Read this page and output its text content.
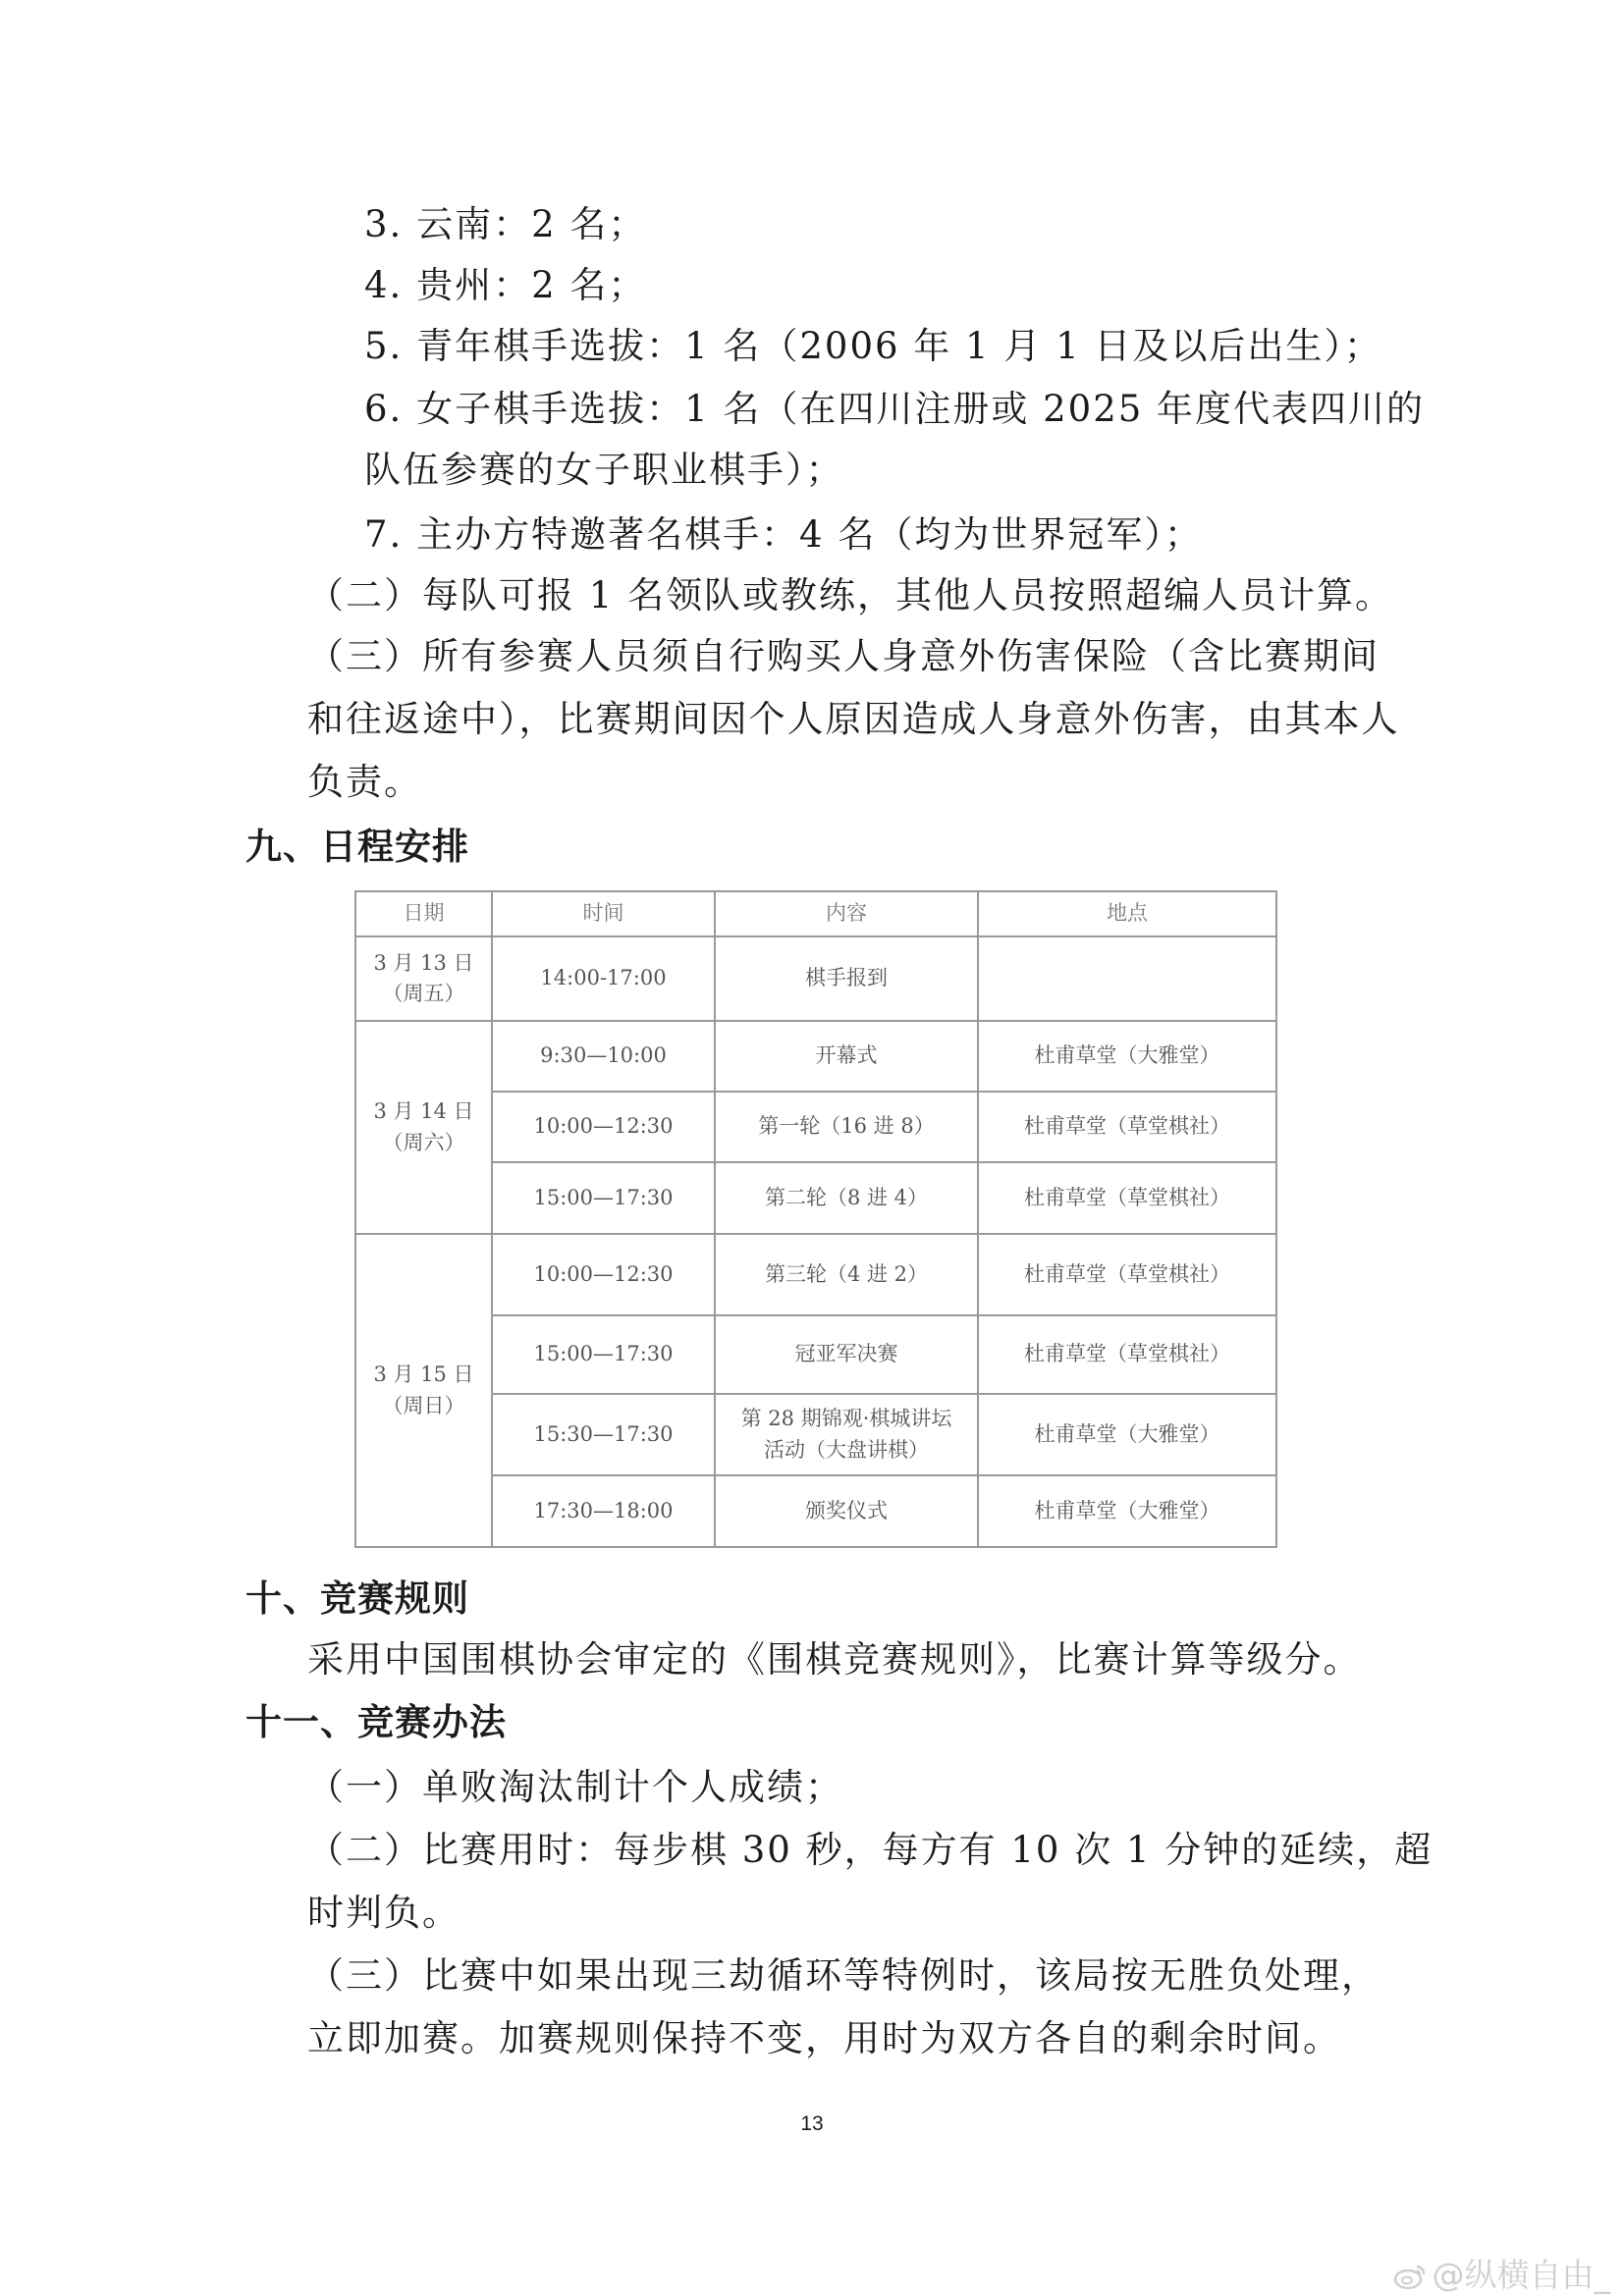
3. 云南：2 名；
4. 贵州：2 名；
5. 青年棋手选拔：1 名（2006 年 1 月 1 日及以后出生）；
6. 女子棋手选拔：1 名（在四川注册或 2025 年度代表四川的
队伍参赛的女子职业棋手）；
7. 主办方特邀著名棋手：4 名（均为世界冠军）；
（二）每队可报 1 名领队或教练，其他人员按照超编人员计算。
（三）所有参赛人员须自行购买人身意外伤害保险（含比赛期间
和往返途中），比赛期间因个人原因造成人身意外伤害，由其本人
负责。
九、日程安排
日期	时间	内容	地点
3 月 13 日
（周五）	14:00-17:00	棋手报到	
3 月 14 日
（周六）	9:30—10:00	开幕式	杜甫草堂（大雅堂）
	10:00—12:30	第一轮（16 进 8）	杜甫草堂（草堂棋社）
	15:00—17:30	第二轮（8 进 4）	杜甫草堂（草堂棋社）
3 月 15 日
（周日）	10:00—12:30	第三轮（4 进 2）	杜甫草堂（草堂棋社）
	15:00—17:30	冠亚军决赛	杜甫草堂（草堂棋社）
	15:30—17:30	第 28 期锦观·棋城讲坛
活动（大盘讲棋）	杜甫草堂（大雅堂）
	17:30—18:00	颁奖仪式	杜甫草堂（大雅堂）
十、竞赛规则
采用中国围棋协会审定的《围棋竞赛规则》，比赛计算等级分。
十一、竞赛办法
（一）单败淘汰制计个人成绩；
（二）比赛用时：每步棋 30 秒，每方有 10 次 1 分钟的延续，超
时判负。
（三）比赛中如果出现三劫循环等特例时，该局按无胜负处理，
立即加赛。加赛规则保持不变，用时为双方各自的剩余时间。
13
@纵横自由_
